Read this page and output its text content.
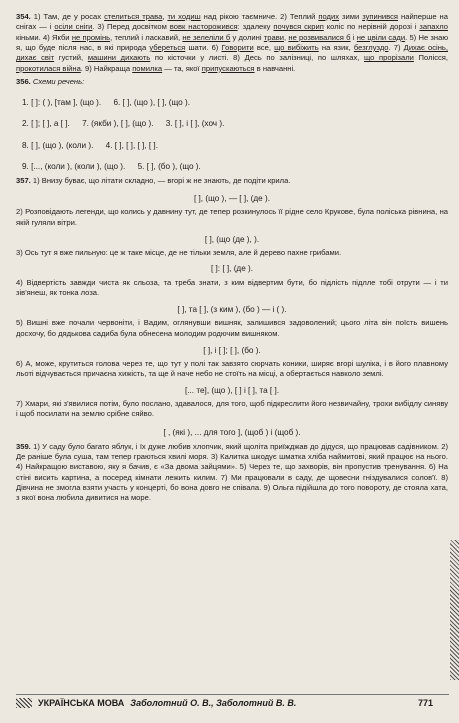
354. 1) Там, де у росах стелиться трава, ти ходиш над рікою таємниче. 2) Теплий подих зими зупинився найперше на снігах — і осіли сніги. 3) Перед досвітком вовк насторожився: здалеку почувся скрип коліс по нерівній дорозі і запахло кіньми. 4) Якби не промінь, теплий і ласкавий, не зелеліли б у долині трави, не розвивалися б і не цвіли сади. 5) Не знаю я, що буде після нас, в які природа убереться шати. 6) Говорити все, що вибіжить на язик, безглуздо. 7) Дихає осінь, дихає світ густий, машини дихають по кісточки у листі. 8) Десь по залізниці, по шляхах, що прорізали Полісся, прокотилася війна. 9) Найкраща помилка — та, якої припускаються в навчанні.

356. Схеми речень:
1. [ ]: ( ), [там ], (що ). 6. [ ], (що ), [ ], (що ).
2. [ ]; [ ], а [ ]. 7. (якби ), [ ], (що ). 3. [ ], і [ ], (хоч ).
8. [ ], (що ), (коли ). 4. [ ], [ ], [ ], [ ].
9. [..., (коли ), (коли ), (що ). 5. [ ], (бо ), (що ).

357. 1) Внизу буває, що літати складно, — вгорі ж не знають, де подіти крила.

[ ], (що ), — [ ], (де ).

2) Розповідають легенди, що колись у давнину тут, де тепер розкинулось її рідне село Крукове, була поліська рівнина, на якій гуляли вітри.

[ ], (що (де ), ).

3) Ось тут я вже пильную: це ж таке місце, де не тільки земля, але й дерево пахне грибами.

[ ]: [ ], (де ).

4) Відвертість завжди чиста як сльоза, та треба знати, з ким відвертим бути, бо підлість підлле тобі отрути — і ти зів'янеш, як тонка лоза.

[ ], та [ ], (з ким ), (бо ) — і ( ).

5) Вишні вже почали червоніти, і Вадим, оглянувши вишняк, залишився задоволений; цього літа він поїсть вишень досхочу, бо дядькова садиба була обнесена молодим родючим вишняком.

[ ], і [ ]; [ ], (бо ).

6) А, може, крутиться голова через те, що тут у полі так завзято сюрчать коники, ширяє вгорі шуліка, і в його плавному льоті відчувається причаєна хижість, та ще й наче небо не стоїть на місці, а обертається навколо землі.

[... те], (що ), [ ] і [ ], та [ ].

7) Хмари, які з'явилися потім, було послано, здавалося, для того, щоб підкреслити його незвичайну, трохи вибідлу синяву і щоб посилати на землю срібне сяйво.

[ , (які ), ... для того ], (щоб ) і (щоб ).

359. 1) У саду було багато яблук, і їх дуже любив хлопчик, який щоліта приїжджав до дідуся, що працював садівником. 2) Де раніше була суша, там тепер граються хвилі моря. 3) Калитка шкодує шматка хліба наймитові, який працює на нього. 4) Найкращою виставою, яку я бачив, є «За двома зайцями». 5) Через те, що захворів, він пропустив тренування. 6) На стіні висить картина, а посеред кімнати лежить килим. 7) Ми працювали в саду, де щовесни гніздувалися солов'ї. 8) Дівчина не змогла взяти участь у концерті, бо вона довго не співала. 9) Ольга підійшла до того повороту, де стояла хата, з якої вона любила дивитися на море.

УКРАЇНСЬКА МОВА Заболотний О. В., Заболотний В. В.	771
